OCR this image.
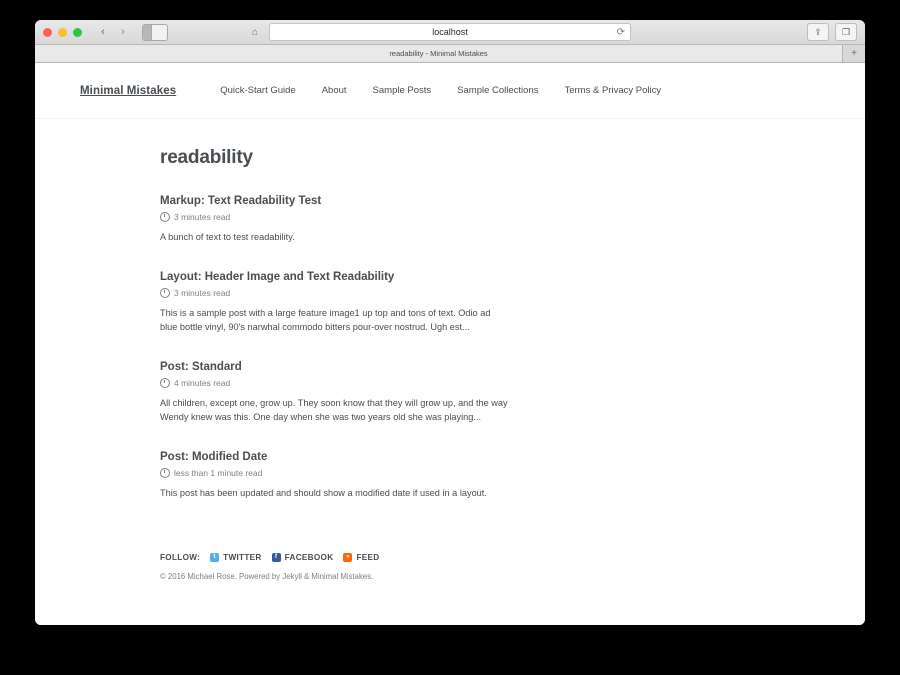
‹	›	⌂	localhost	⟳	⇪	❐
readability - Minimal Mistakes	+
Minimal Mistakes	Quick-Start Guide	About	Sample Posts	Sample Collections	Terms & Privacy Policy
readability
Markup: Text Readability Test
3 minutes read

A bunch of text to test readability.

Layout: Header Image and Text Readability
3 minutes read

This is a sample post with a large feature image1 up top and tons of text. Odio ad blue bottle vinyl, 90's narwhal commodo bitters pour-over nostrud. Ugh est...

Post: Standard
4 minutes read

All children, except one, grow up. They soon know that they will grow up, and the way Wendy knew was this. One day when she was two years old she was playing...

Post: Modified Date
less than 1 minute read

This post has been updated and should show a modified date if used in a layout.

FOLLOW:	t TWITTER	f FACEBOOK	» FEED
© 2016 Michael Rose. Powered by Jekyll & Minimal Mistakes.
